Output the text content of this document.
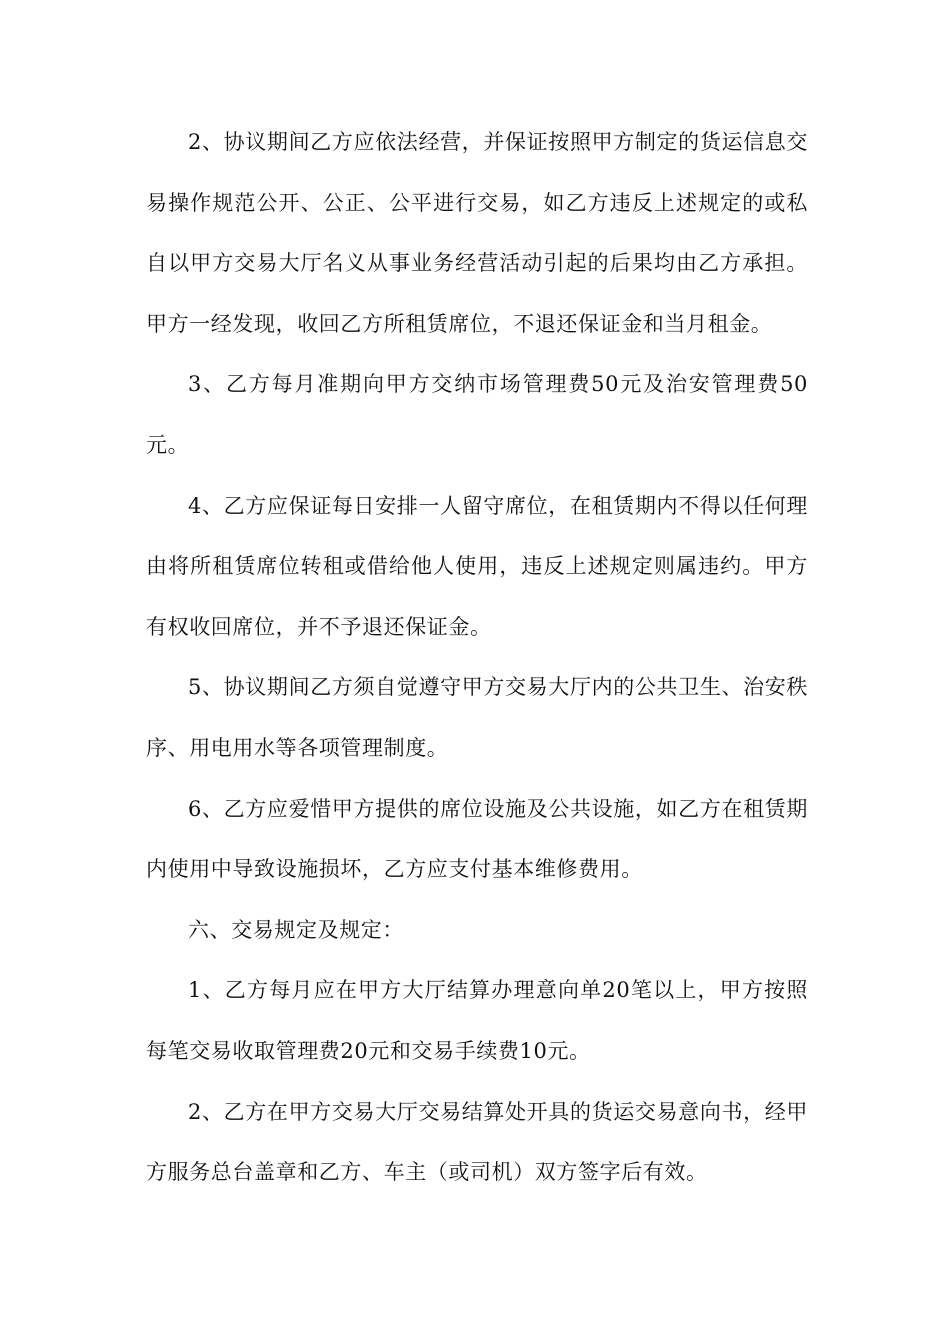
2、协议期间乙方应依法经营，并保证按照甲方制定的货运信息交易操作规范公开、公正、公平进行交易，如乙方违反上述规定的或私自以甲方交易大厅名义从事业务经营活动引起的后果均由乙方承担。甲方一经发现，收回乙方所租赁席位，不退还保证金和当月租金。

3、乙方每月准期向甲方交纳市场管理费50元及治安管理费50元。

4、乙方应保证每日安排一人留守席位，在租赁期内不得以任何理由将所租赁席位转租或借给他人使用，违反上述规定则属违约。甲方有权收回席位，并不予退还保证金。

5、协议期间乙方须自觉遵守甲方交易大厅内的公共卫生、治安秩序、用电用水等各项管理制度。

6、乙方应爱惜甲方提供的席位设施及公共设施，如乙方在租赁期内使用中导致设施损坏，乙方应支付基本维修费用。

六、交易规定及规定：

1、乙方每月应在甲方大厅结算办理意向单20笔以上，甲方按照每笔交易收取管理费20元和交易手续费10元。

2、乙方在甲方交易大厅交易结算处开具的货运交易意向书，经甲方服务总台盖章和乙方、车主（或司机）双方签字后有效。
